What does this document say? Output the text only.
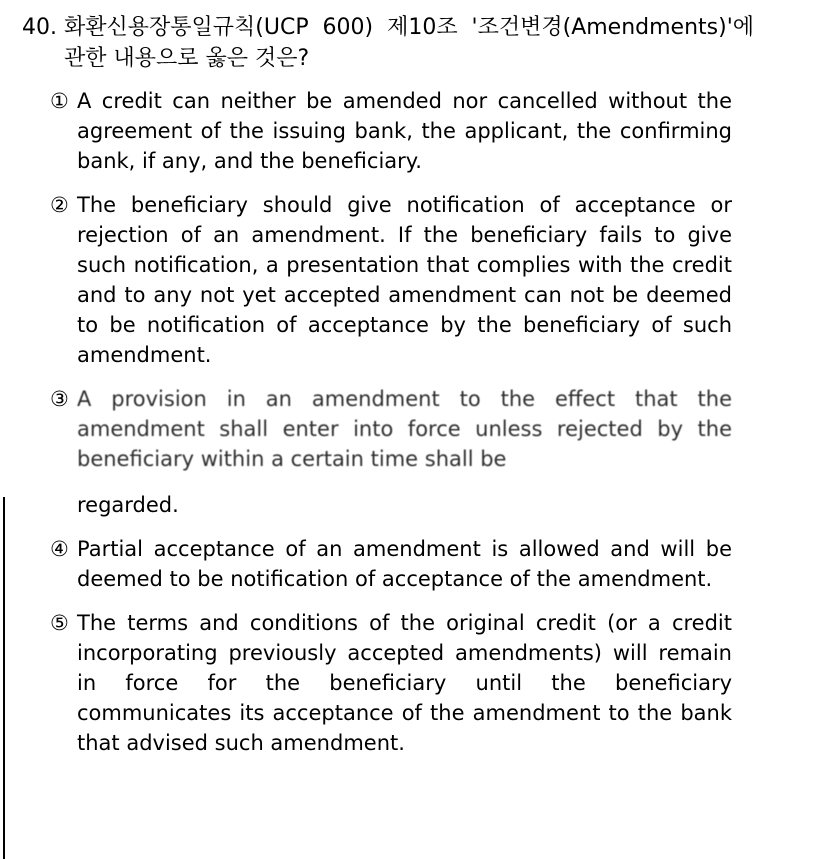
40. 화환신용장통일규칙(UCP 600) 제10조 '조건변경(Amendments)'에 관한 내용으로 옳은 것은?
① A credit can neither be amended nor cancelled without the agreement of the issuing bank, the applicant, the confirming bank, if any, and the beneficiary.
② The beneficiary should give notification of acceptance or rejection of an amendment. If the beneficiary fails to give such notification, a presentation that complies with the credit and to any not yet accepted amendment can not be deemed to be notification of acceptance by the beneficiary of such amendment.
③ A provision in an amendment to the effect that the amendment shall enter into force unless rejected by the beneficiary within a certain time shall be
regarded.
④ Partial acceptance of an amendment is allowed and will be deemed to be notification of acceptance of the amendment.
⑤ The terms and conditions of the original credit (or a credit incorporating previously accepted amendments) will remain in force for the beneficiary until the beneficiary communicates its acceptance of the amendment to the bank that advised such amendment.
